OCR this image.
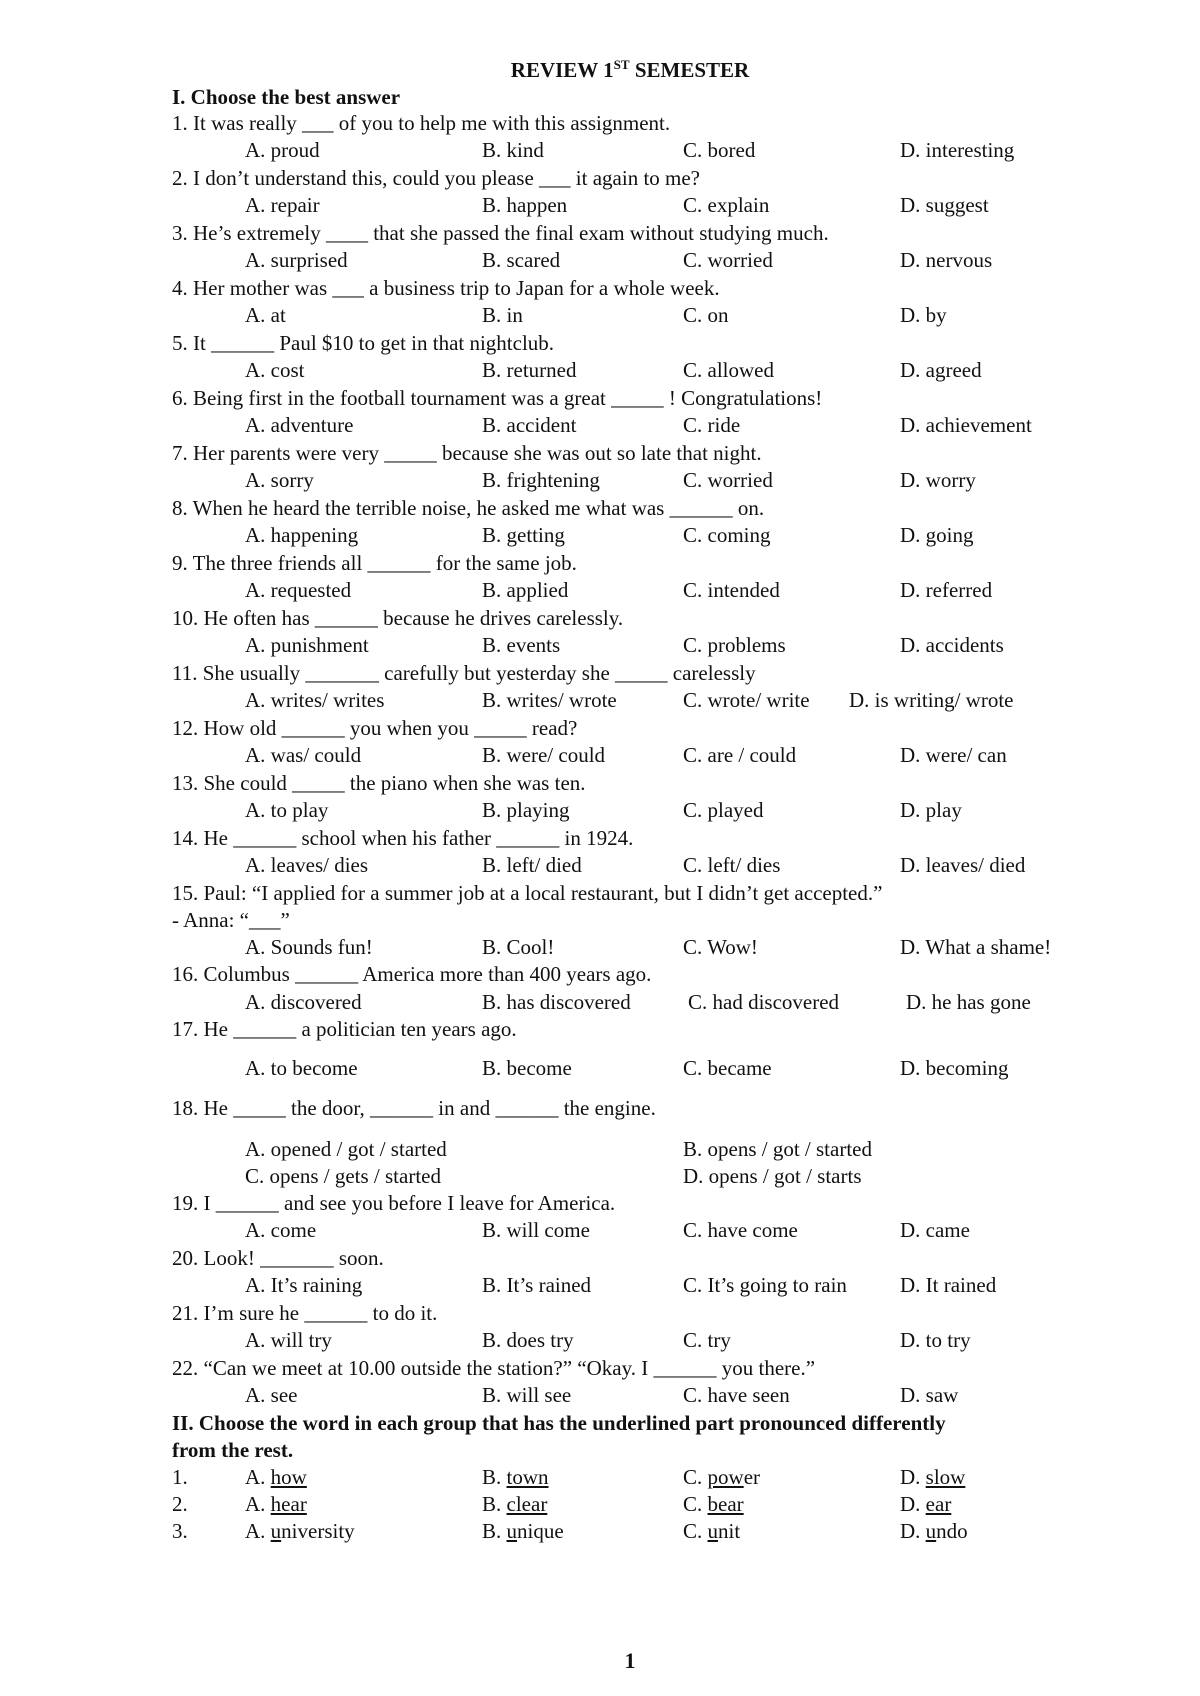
REVIEW 1ST SEMESTER
I. Choose the best answer
1. It was really ___ of you to help me with this assignment.
A. proud	B. kind	C. bored	D. interesting
2. I don’t understand this, could you please ___ it again to me?
A. repair	B. happen	C. explain	D. suggest
3. He’s extremely ____ that she passed the final exam without studying much.
A. surprised	B. scared	C. worried	D. nervous
4. Her mother was ___ a business trip to Japan for a whole week.
A. at	B. in	C. on	D. by
5. It ______ Paul $10 to get in that nightclub.
A. cost	B. returned	C. allowed	D. agreed
6. Being first in the football tournament was a great _____ ! Congratulations!
A. adventure	B. accident	C. ride	D. achievement
7. Her parents were very _____ because she was out so late that night.
A. sorry	B. frightening	C. worried	D. worry
8. When he heard the terrible noise, he asked me what was ______ on.
A. happening	B. getting	C. coming	D. going
9. The three friends all ______ for the same job.
A. requested	B. applied	C. intended	D. referred
10. He often has ______ because he drives carelessly.
A. punishment	B. events	C. problems	D. accidents
11. She usually _______ carefully but yesterday she _____ carelessly
A. writes/ writes	B. writes/ wrote	C. wrote/ write D. is writing/ wrote
12. How old ______ you when you _____ read?
A. was/ could	B. were/ could	C. are / could	D. were/ can
13. She could _____ the piano when she was ten.
A. to play	B. playing	C. played	D. play
14. He ______ school when his father ______ in 1924.
A. leaves/ dies	B. left/ died	C. left/ dies	D. leaves/ died
15. Paul: “I applied for a summer job at a local restaurant, but I didn’t get accepted.”
- Anna: “___”
A. Sounds fun!	B. Cool!	C. Wow!	D. What a shame!
16. Columbus ______ America more than 400 years ago.
A. discovered	B. has discovered	C. had discovered	D. he has gone
17. He ______ a politician ten years ago.
A. to become	B. become	C. became	D. becoming
18. He _____ the door, ______ in and ______ the engine.
A. opened / got / started	B. opens / got / started
C. opens / gets / started	D. opens / got / starts
19. I ______ and see you before I leave for America.
A. come	B. will come	C. have come	D. came
20. Look! _______ soon.
A. It’s raining	B. It’s rained	C. It’s going to rain	D. It rained
21. I’m sure he ______ to do it.
A. will try	B. does try	C. try	D. to try
22. “Can we meet at 10.00 outside the station?” “Okay. I ______ you there.”
A. see	B. will see	C. have seen	D. saw
II. Choose the word in each group that has the underlined part pronounced differently
from the rest.
1.	A. how	B. town	C. power	D. slow
2.	A. hear	B. clear	C. bear	D. ear
3.	A. university	B. unique	C. unit	D. undo
1
